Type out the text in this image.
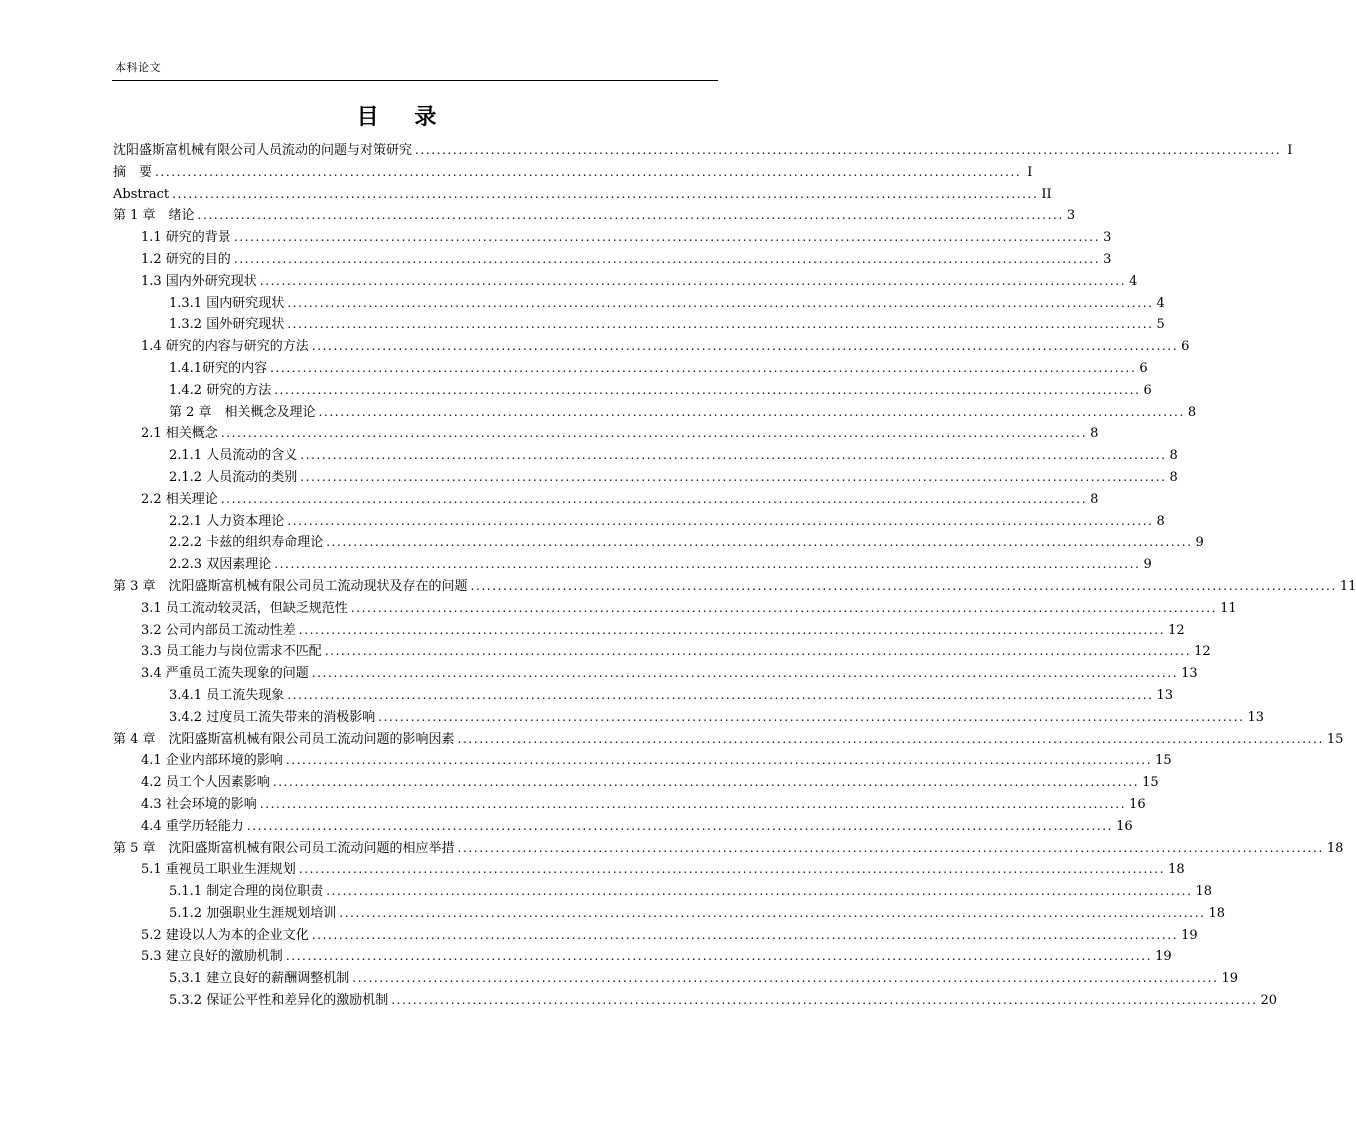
本科论文
目 录
沈阳盛斯富机械有限公司人员流动的问题与对策研究 ................................................................................................................................................................ I
摘　要 ................................................................................................................................................................ I
Abstract ................................................................................................................................................................ II
第 1 章　绪论 ................................................................................................................................................................ 3
1.1 研究的背景 ................................................................................................................................................................ 3
1.2 研究的目的 ................................................................................................................................................................ 3
1.3 国内外研究现状 ................................................................................................................................................................ 4
1.3.1 国内研究现状 ................................................................................................................................................................ 4
1.3.2 国外研究现状 ................................................................................................................................................................ 5
1.4 研究的内容与研究的方法 ................................................................................................................................................................ 6
1.4.1研究的内容 ................................................................................................................................................................ 6
1.4.2 研究的方法 ................................................................................................................................................................ 6
第 2 章　相关概念及理论 ................................................................................................................................................................ 8
2.1 相关概念 ................................................................................................................................................................ 8
2.1.1 人员流动的含义 ................................................................................................................................................................ 8
2.1.2 人员流动的类别 ................................................................................................................................................................ 8
2.2 相关理论 ................................................................................................................................................................ 8
2.2.1 人力资本理论 ................................................................................................................................................................ 8
2.2.2 卡兹的组织寿命理论 ................................................................................................................................................................ 9
2.2.3 双因素理论 ................................................................................................................................................................ 9
第 3 章　沈阳盛斯富机械有限公司员工流动现状及存在的问题 ................................................................................................................................................................ 11
3.1 员工流动较灵活，但缺乏规范性 ................................................................................................................................................................ 11
3.2 公司内部员工流动性差 ................................................................................................................................................................ 12
3.3 员工能力与岗位需求不匹配 ................................................................................................................................................................ 12
3.4 严重员工流失现象的问题 ................................................................................................................................................................ 13
3.4.1 员工流失现象 ................................................................................................................................................................ 13
3.4.2 过度员工流失带来的消极影响 ................................................................................................................................................................ 13
第 4 章　沈阳盛斯富机械有限公司员工流动问题的影响因素 ................................................................................................................................................................ 15
4.1 企业内部环境的影响 ................................................................................................................................................................ 15
4.2 员工个人因素影响 ................................................................................................................................................................ 15
4.3 社会环境的影响 ................................................................................................................................................................ 16
4.4 重学历轻能力 ................................................................................................................................................................ 16
第 5 章　沈阳盛斯富机械有限公司员工流动问题的相应举措 ................................................................................................................................................................ 18
5.1 重视员工职业生涯规划 ................................................................................................................................................................ 18
5.1.1 制定合理的岗位职责 ................................................................................................................................................................ 18
5.1.2 加强职业生涯规划培训 ................................................................................................................................................................ 18
5.2 建设以人为本的企业文化 ................................................................................................................................................................ 19
5.3 建立良好的激励机制 ................................................................................................................................................................ 19
5.3.1 建立良好的薪酬调整机制 ................................................................................................................................................................ 19
5.3.2 保证公平性和差异化的激励机制 ................................................................................................................................................................ 20
